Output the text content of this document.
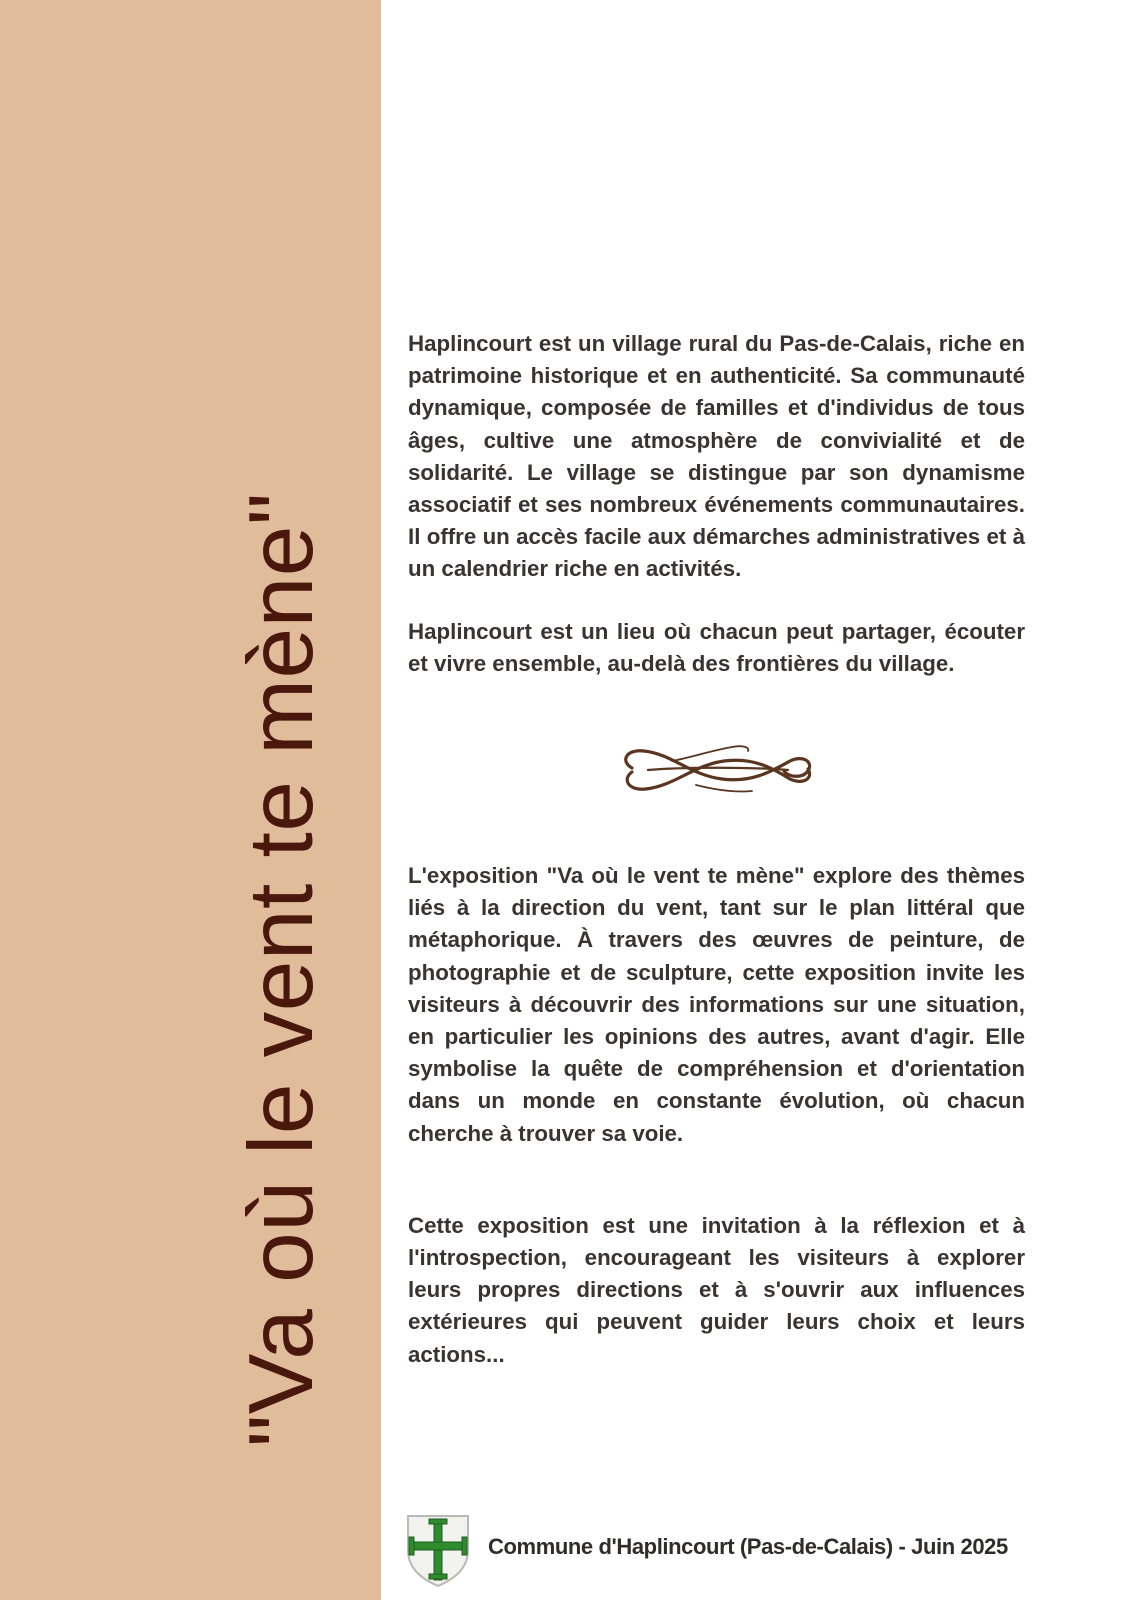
"Va où le vent te mène"

Haplincourt est un village rural du Pas-de-Calais, riche en patrimoine historique et en authenticité. Sa communauté dynamique, composée de familles et d'individus de tous âges, cultive une atmosphère de convivialité et de solidarité. Le village se distingue par son dynamisme associatif et ses nombreux événements communautaires. Il offre un accès facile aux démarches administratives et à un calendrier riche en activités.

Haplincourt est un lieu où chacun peut partager, écouter et vivre ensemble, au-delà des frontières du village.

L'exposition "Va où le vent te mène" explore des thèmes liés à la direction du vent, tant sur le plan littéral que métaphorique. À travers des œuvres de peinture, de photographie et de sculpture, cette exposition invite les visiteurs à découvrir des informations sur une situation, en particulier les opinions des autres, avant d'agir. Elle symbolise la quête de compréhension et d'orientation dans un monde en constante évolution, où chacun cherche à trouver sa voie.

Cette exposition est une invitation à la réflexion et à l'introspection, encourageant les visiteurs à explorer leurs propres directions et à s'ouvrir aux influences extérieures qui peuvent guider leurs choix et leurs actions...

Commune d'Haplincourt (Pas-de-Calais) - Juin 2025
